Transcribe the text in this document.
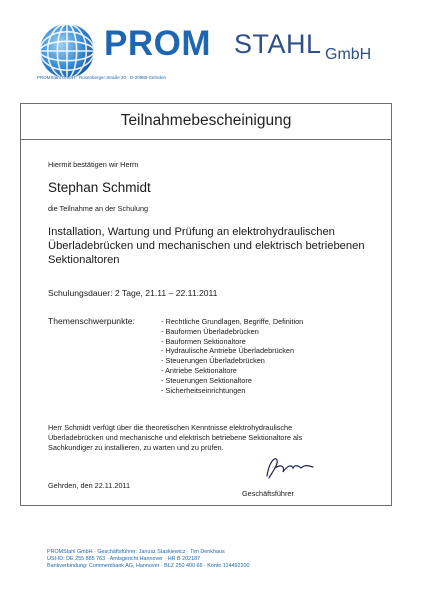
PROM STAHL GmbH
PROMStahl GmbH · Rosenberger Straße 20 · D-20989 Gehrden
Teilnahmebescheinigung
Hiermit bestätigen wir Herrn
Stephan Schmidt
die Teilnahme an der Schulung
Installation, Wartung und Prüfung an elektrohydraulischen
Überladebrücken und mechanischen und elektrisch betriebenen
Sektionaltoren
Schulungsdauer: 2 Tage, 21.11 – 22.11.2011
Themenschwerpunkte:
-	Rechtliche Grundlagen, Begriffe, Definition
- Bauformen Überladebrücken
- Bauformen Sektionaltore
- Hydraulische Antriebe Überladebrücken
- Steuerungen Überladebrücken
- Antriebe Sektionaltore
- Steuerungen Sektionaltore
- Sicherheitseinrichtungen
Herr Schmidt verfügt über die theoretischen Kenntnisse elektrohydraulische
Überladebrücken und mechanische und elektrisch betriebene Sektionaltore als
Sachkundiger zu installieren, zu warten und zu prüfen.
Gehrden, den 22.11.2011
Geschäftsführer
PROMStahl GmbH · Geschäftsführer: Janusz Staskiewicz · Tim Denkhaus
USt-ID: DE 255 885 763 · Amtsgericht Hannover · HR B 202187
Bankverbindung: Commerzbank AG, Hannover · BLZ 250 400 66 · Konto 114492200
